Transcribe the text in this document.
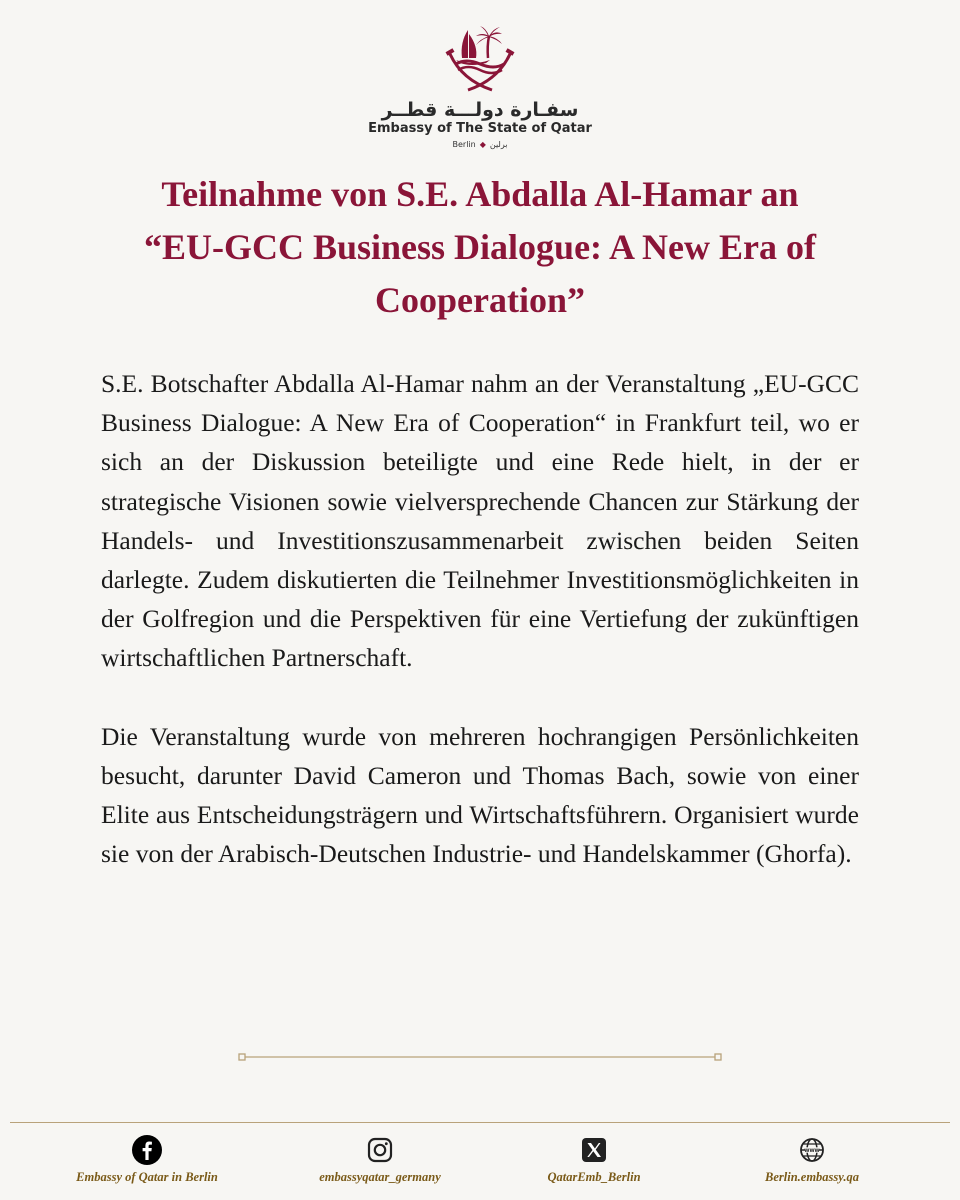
سفـارة دولـــة قطــر
Embassy of The State of Qatar
Berlin ◆ برلين
Teilnahme von S.E. Abdalla Al-Hamar an
“EU-GCC Business Dialogue: A New Era of
Cooperation”

S.E. Botschafter Abdalla Al-Hamar nahm an der Veranstaltung „EU-GCC Business Dialogue: A New Era of Cooperation“ in Frankfurt teil, wo er sich an der Diskussion beteiligte und eine Rede hielt, in der er strategische Visionen sowie vielversprechende Chancen zur Stärkung der Handels- und Investitionszusammenarbeit zwischen beiden Seiten darlegte. Zudem diskutierten die Teilnehmer Investitionsmöglichkeiten in der Golfregion und die Perspektiven für eine Vertiefung der zukünftigen wirtschaftlichen Partnerschaft.

Die Veranstaltung wurde von mehreren hochrangigen Persönlichkeiten besucht, darunter David Cameron und Thomas Bach, sowie von einer Elite aus Entscheidungsträgern und Wirtschaftsführern. Organisiert wurde sie von der Arabisch-Deutschen Industrie- und Handelskammer (Ghorfa).

Embassy of Qatar in Berlin	embassyqatar_germany	QatarEmb_Berlin
WWW
Berlin.embassy.qa
